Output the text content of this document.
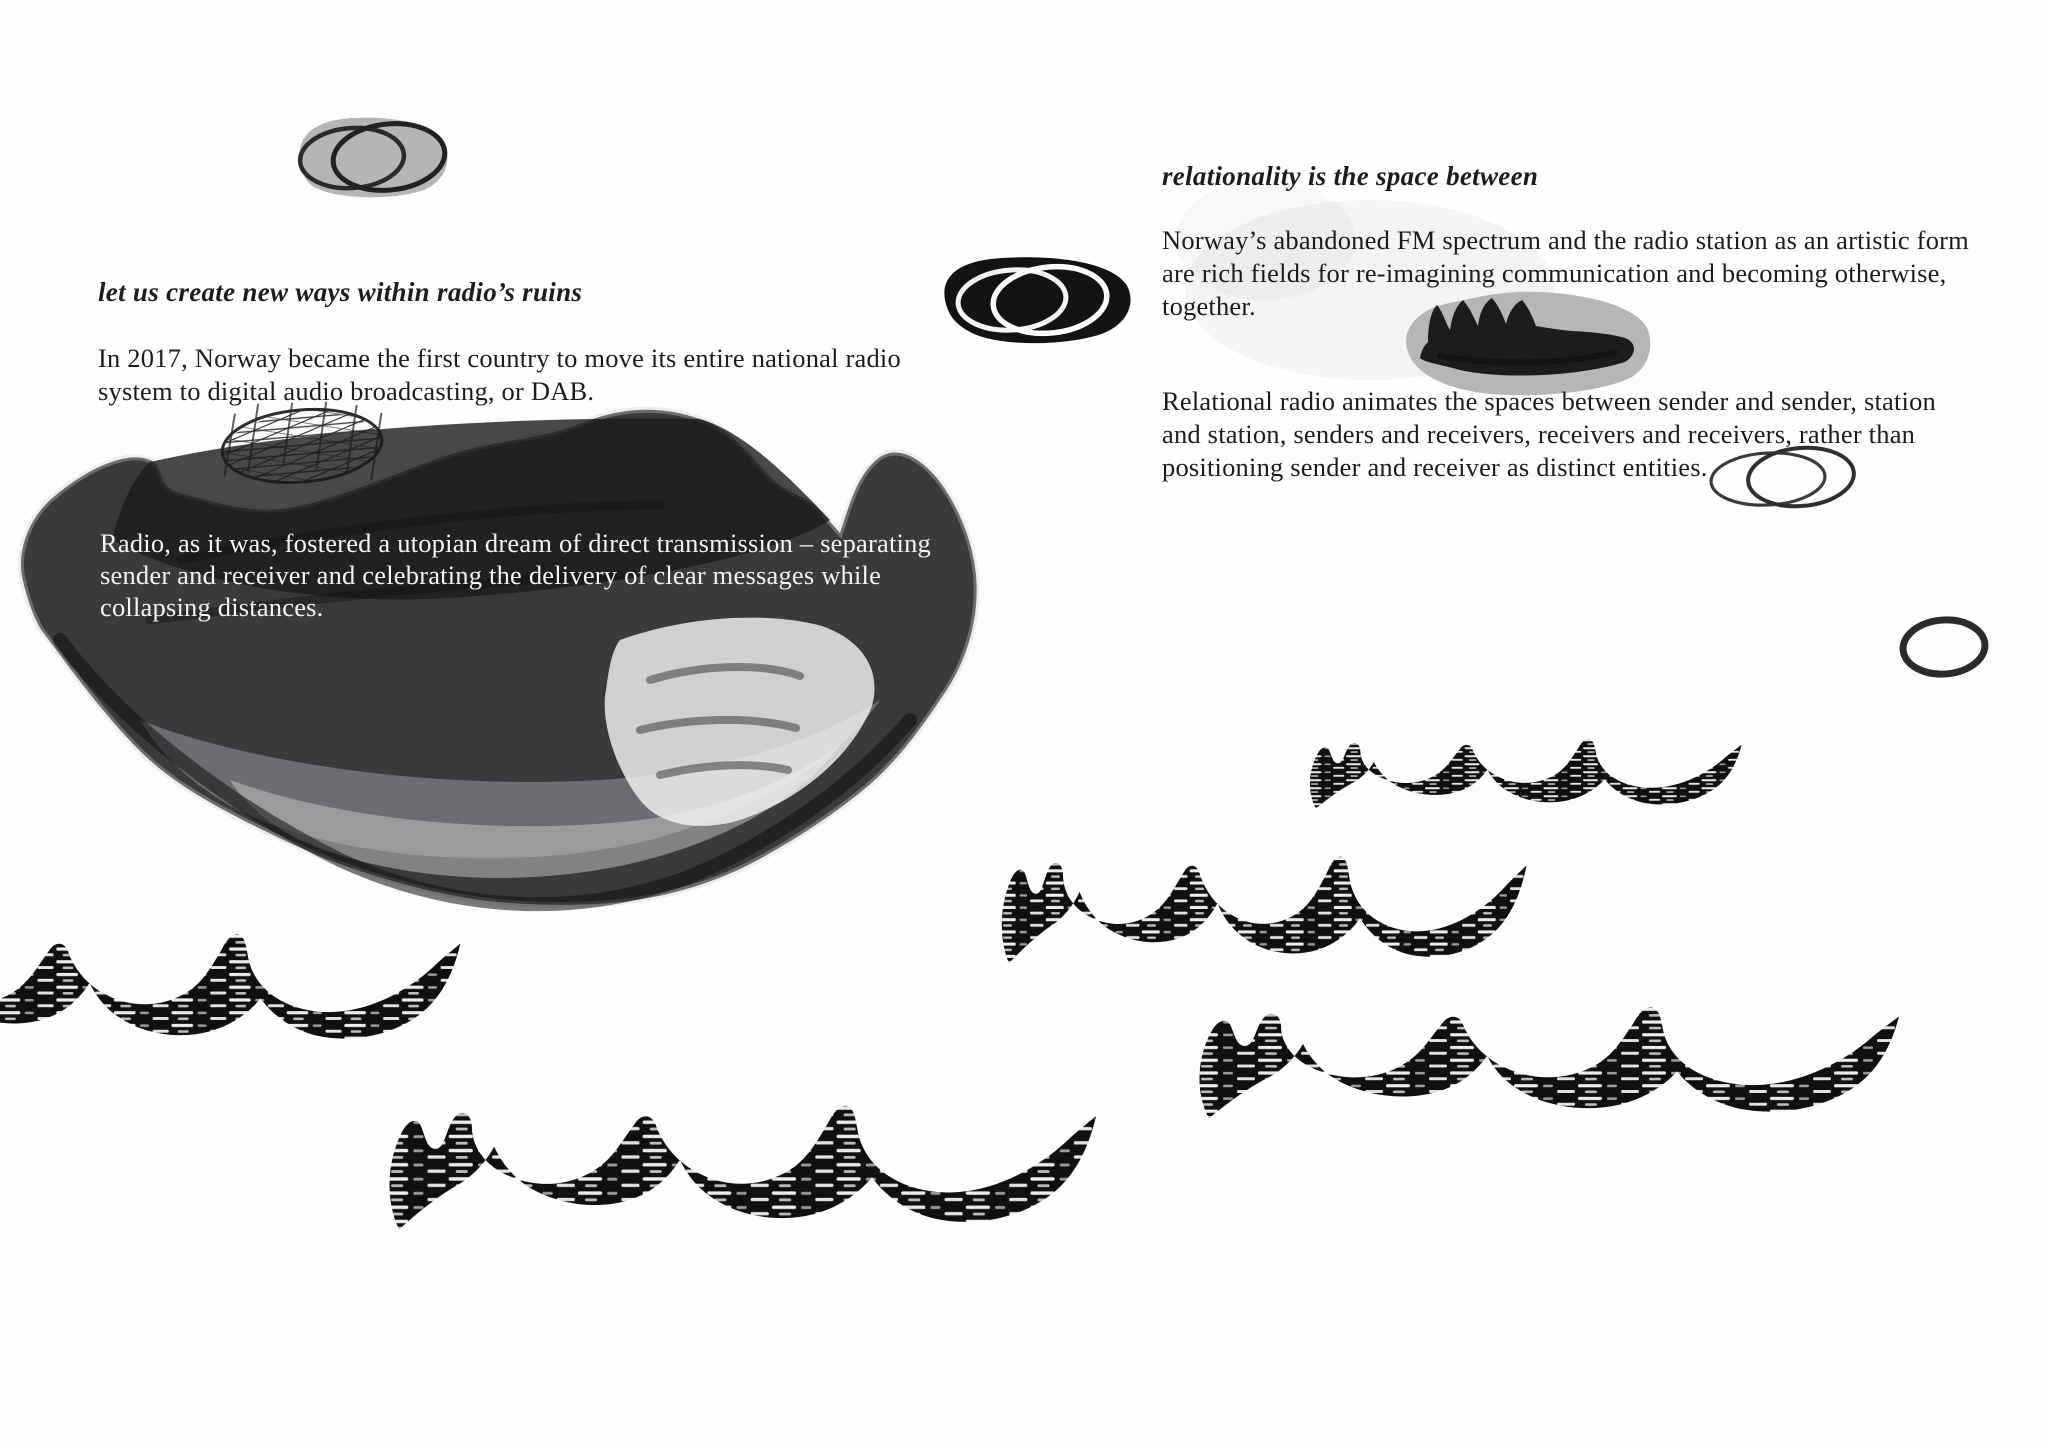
let us create new ways within radio’s ruins
In 2017, Norway became the first country to move its entire national radio
system to digital audio broadcasting, or DAB.
Radio, as it was, fostered a utopian dream of direct transmission – separating
sender and receiver and celebrating the delivery of clear messages while
collapsing distances.
relationality is the space between
Norway’s abandoned FM spectrum and the radio station as an artistic form
are rich fields for re-imagining communication and becoming otherwise,
together.
Relational radio animates the spaces between sender and sender, station
and station, senders and receivers, receivers and receivers, rather than
positioning sender and receiver as distinct entities.
